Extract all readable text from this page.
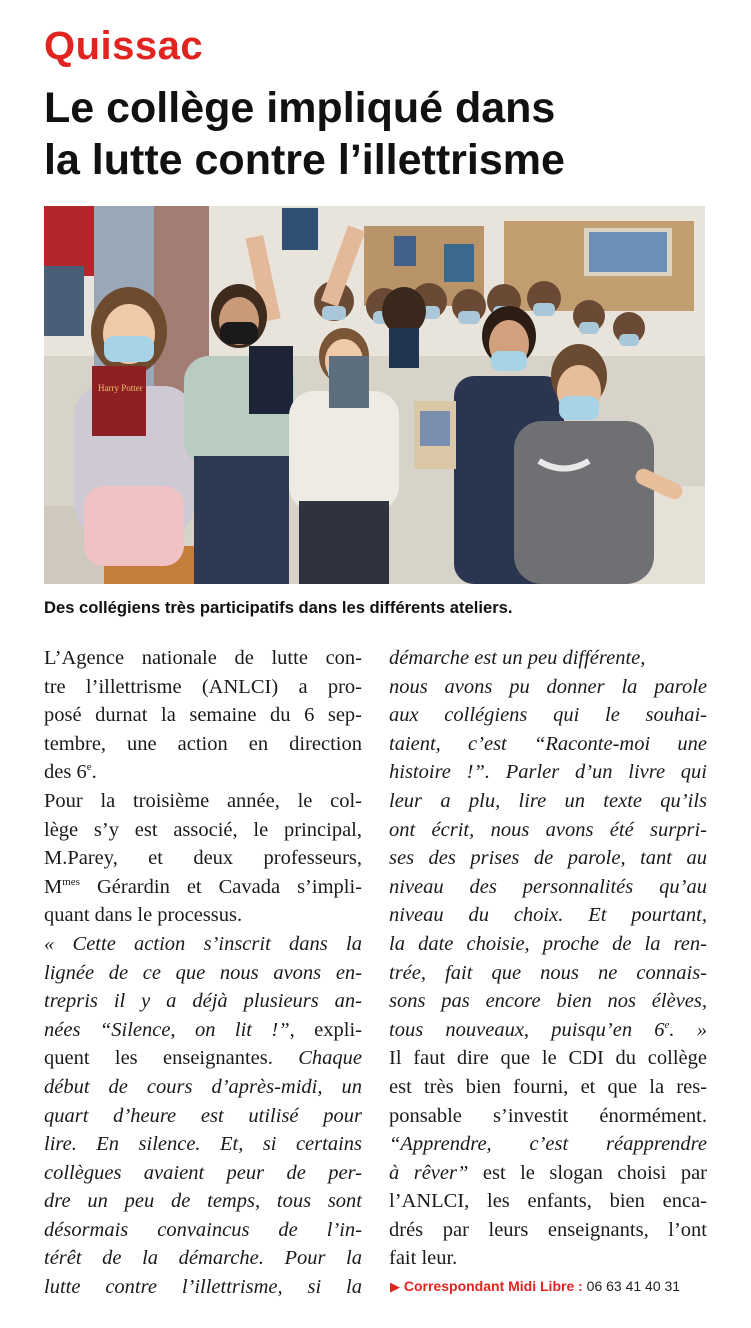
Quissac
Le collège impliqué dans
la lutte contre l’illettrisme
Harry Potter
Des collégiens très participatifs dans les différents ateliers.
L’Agence nationale de lutte con-
tre l’illettrisme (ANLCI) a pro-
posé durnat la semaine du 6 sep-
tembre, une action en direction
des 6e.
Pour la troisième année, le col-
lège s’y est associé, le principal,
M.Parey, et deux professeurs,
$M^{mes}$ Gérardin et Cavada s’impli-
quant dans le processus.
« Cette action s’inscrit dans la
lignée de ce que nous avons en-
trepris il y a déjà plusieurs an-
nées “Silence, on lit !”, expli-
quent les enseignantes. Chaque
début de cours d’après-midi, un
quart d’heure est utilisé pour
lire. En silence. Et, si certains
collègues avaient peur de per-
dre un peu de temps, tous sont
désormais convaincus de l’in-
térêt de la démarche. Pour la
lutte contre l’illettrisme, si la
démarche est un peu différente,
nous avons pu donner la parole
aux collégiens qui le souhai-
taient, c’est “Raconte-moi une
histoire !”. Parler d’un livre qui
leur a plu, lire un texte qu’ils
ont écrit, nous avons été surpri-
ses des prises de parole, tant au
niveau des personnalités qu’au
niveau du choix. Et pourtant,
la date choisie, proche de la ren-
trée, fait que nous ne connais-
sons pas encore bien nos élèves,
tous nouveaux, puisqu’en 6e. »
Il faut dire que le CDI du collège
est très bien fourni, et que la res-
ponsable s’investit énormément.
“Apprendre, c’est réapprendre
à rêver” est le slogan choisi par
l’ANLCI, les enfants, bien enca-
drés par leurs enseignants, l’ont
fait leur.
▶ Correspondant Midi Libre : 06 63 41 40 31
